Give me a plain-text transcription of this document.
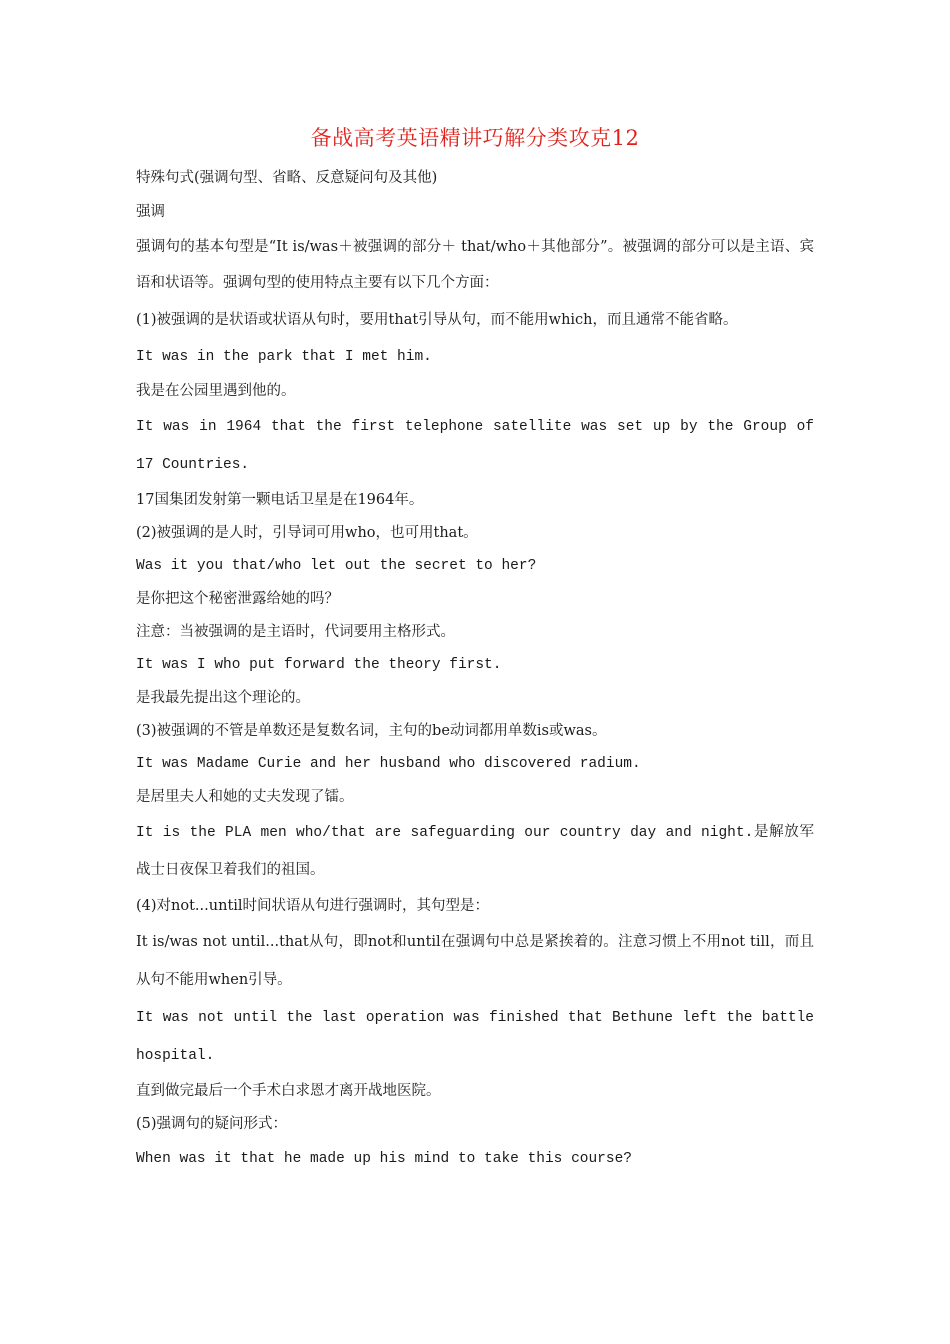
备战高考英语精讲巧解分类攻克12

特殊句式(强调句型、省略、反意疑问句及其他)

强调

强调句的基本句型是“It is/was＋被强调的部分＋ that/who＋其他部分”。被强调的部分可以是主语、宾语和状语等。强调句型的使用特点主要有以下几个方面：

(1)被强调的是状语或状语从句时，要用that引导从句，而不能用which，而且通常不能省略。

It was in the park that I met him.

我是在公园里遇到他的。

It was in 1964 that the first telephone satellite was set up by the Group of 17 Countries.

17国集团发射第一颗电话卫星是在1964年。

(2)被强调的是人时，引导词可用who，也可用that。

Was it you that/who let out the secret to her?

是你把这个秘密泄露给她的吗？

注意：当被强调的是主语时，代词要用主格形式。

It was I who put forward the theory first.

是我最先提出这个理论的。

(3)被强调的不管是单数还是复数名词，主句的be动词都用单数is或was。

It was Madame Curie and her husband who discovered radium.

是居里夫人和她的丈夫发现了镭。

It is the PLA men who/that are safeguarding our country day and night.是解放军战士日夜保卫着我们的祖国。

(4)对not...until时间状语从句进行强调时，其句型是：

It is/was not until...that从句，即not和until在强调句中总是紧挨着的。注意习惯上不用not till，而且从句不能用when引导。

It was not until the last operation was finished that Bethune left the battle hospital.

直到做完最后一个手术白求恩才离开战地医院。

(5)强调句的疑问形式：

When was it that he made up his mind to take this course?
